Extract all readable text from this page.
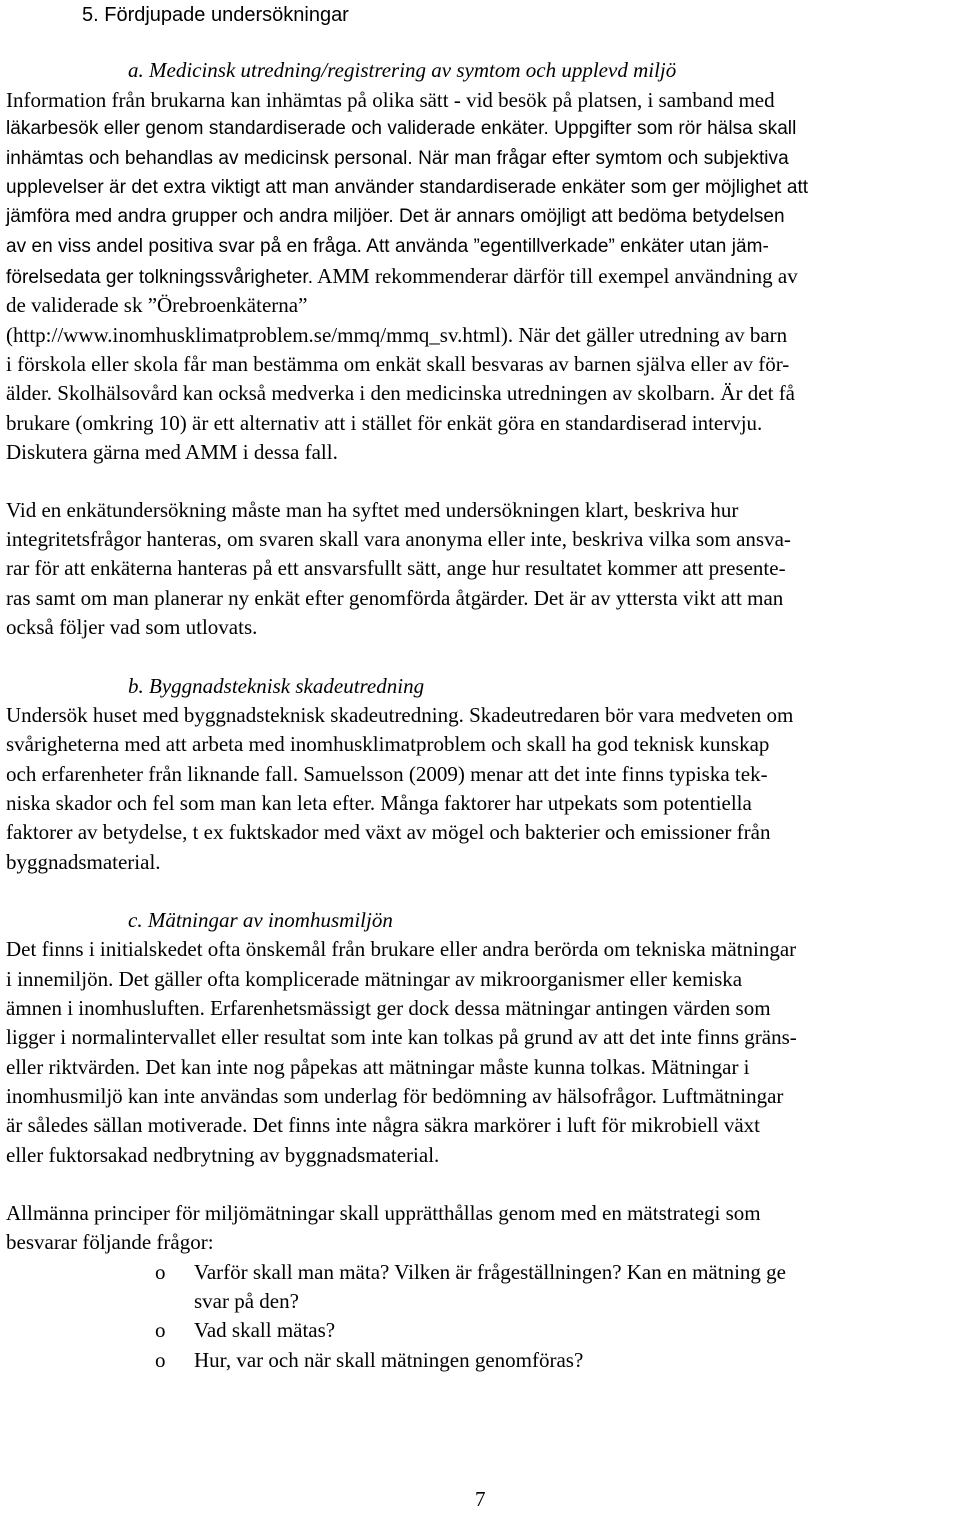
5. Fördjupade undersökningar
a. Medicinsk utredning/registrering av symtom och upplevd miljö
Information från brukarna kan inhämtas på olika sätt - vid besök på platsen, i samband med
läkarbesök eller genom standardiserade och validerade enkäter. Uppgifter som rör hälsa skall
inhämtas och behandlas av medicinsk personal. När man frågar efter symtom och subjektiva
upplevelser är det extra viktigt att man använder standardiserade enkäter som ger möjlighet att
jämföra med andra grupper och andra miljöer. Det är annars omöjligt att bedöma betydelsen
av en viss andel positiva svar på en fråga. Att använda ”egentillverkade” enkäter utan jäm-
förelsedata ger tolkningssvårigheter. AMM rekommenderar därför till exempel användning av
de validerade sk ”Örebroenkäterna”
(http://www.inomhusklimatproblem.se/mmq/mmq_sv.html). När det gäller utredning av barn
i förskola eller skola får man bestämma om enkät skall besvaras av barnen själva eller av för-
älder. Skolhälsovård kan också medverka i den medicinska utredningen av skolbarn. Är det få
brukare (omkring 10) är ett alternativ att i stället för enkät göra en standardiserad intervju.
Diskutera gärna med AMM i dessa fall.
Vid en enkätundersökning måste man ha syftet med undersökningen klart, beskriva hur
integritetsfrågor hanteras, om svaren skall vara anonyma eller inte, beskriva vilka som ansva-
rar för att enkäterna hanteras på ett ansvarsfullt sätt, ange hur resultatet kommer att presente-
ras samt om man planerar ny enkät efter genomförda åtgärder. Det är av yttersta vikt att man
också följer vad som utlovats.
b. Byggnadsteknisk skadeutredning
Undersök huset med byggnadsteknisk skadeutredning. Skadeutredaren bör vara medveten om
svårigheterna med att arbeta med inomhusklimatproblem och skall ha god teknisk kunskap
och erfarenheter från liknande fall. Samuelsson (2009) menar att det inte finns typiska tek-
niska skador och fel som man kan leta efter. Många faktorer har utpekats som potentiella
faktorer av betydelse, t ex fuktskador med växt av mögel och bakterier och emissioner från
byggnadsmaterial.
c. Mätningar av inomhusmiljön
Det finns i initialskedet ofta önskemål från brukare eller andra berörda om tekniska mätningar
i innemiljön. Det gäller ofta komplicerade mätningar av mikroorganismer eller kemiska
ämnen i inomhusluften. Erfarenhetsmässigt ger dock dessa mätningar antingen värden som
ligger i normalintervallet eller resultat som inte kan tolkas på grund av att det inte finns gräns-
eller riktvärden. Det kan inte nog påpekas att mätningar måste kunna tolkas. Mätningar i
inomhusmiljö kan inte användas som underlag för bedömning av hälsofrågor. Luftmätningar
är således sällan motiverade. Det finns inte några säkra markörer i luft för mikrobiell växt
eller fuktorsakad nedbrytning av byggnadsmaterial.
Allmänna principer för miljömätningar skall upprätthållas genom med en mätstrategi som
besvarar följande frågor:
o Varför skall man mäta? Vilken är frågeställningen? Kan en mätning ge
svar på den?
o Vad skall mätas?
o Hur, var och när skall mätningen genomföras?
7
